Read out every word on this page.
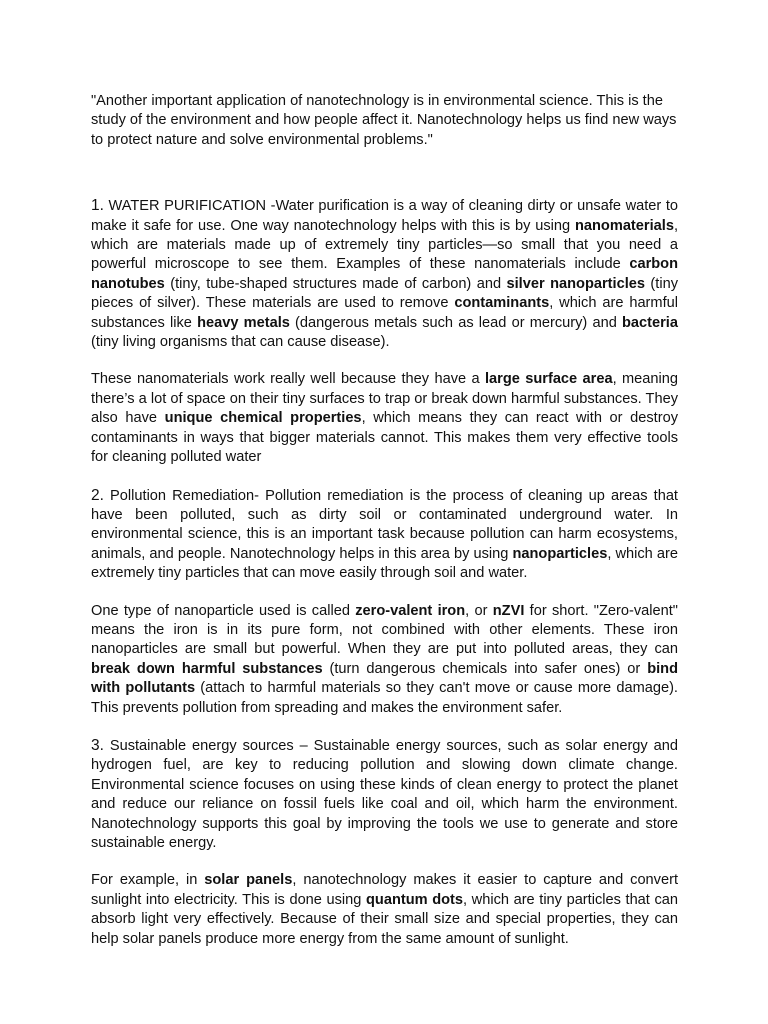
"Another important application of nanotechnology is in environmental science. This is the study of the environment and how people affect it. Nanotechnology helps us find new ways to protect nature and solve environmental problems."

1. WATER PURIFICATION -Water purification is a way of cleaning dirty or unsafe water to make it safe for use. One way nanotechnology helps with this is by using nanomaterials, which are materials made up of extremely tiny particles—so small that you need a powerful microscope to see them. Examples of these nanomaterials include carbon nanotubes (tiny, tube-shaped structures made of carbon) and silver nanoparticles (tiny pieces of silver). These materials are used to remove contaminants, which are harmful substances like heavy metals (dangerous metals such as lead or mercury) and bacteria (tiny living organisms that can cause disease).

These nanomaterials work really well because they have a large surface area, meaning there’s a lot of space on their tiny surfaces to trap or break down harmful substances. They also have unique chemical properties, which means they can react with or destroy contaminants in ways that bigger materials cannot. This makes them very effective tools for cleaning polluted water

2. Pollution Remediation- Pollution remediation is the process of cleaning up areas that have been polluted, such as dirty soil or contaminated underground water. In environmental science, this is an important task because pollution can harm ecosystems, animals, and people. Nanotechnology helps in this area by using nanoparticles, which are extremely tiny particles that can move easily through soil and water.

One type of nanoparticle used is called zero-valent iron, or nZVI for short. "Zero-valent" means the iron is in its pure form, not combined with other elements. These iron nanoparticles are small but powerful. When they are put into polluted areas, they can break down harmful substances (turn dangerous chemicals into safer ones) or bind with pollutants (attach to harmful materials so they can't move or cause more damage). This prevents pollution from spreading and makes the environment safer.

3. Sustainable energy sources – Sustainable energy sources, such as solar energy and hydrogen fuel, are key to reducing pollution and slowing down climate change. Environmental science focuses on using these kinds of clean energy to protect the planet and reduce our reliance on fossil fuels like coal and oil, which harm the environment. Nanotechnology supports this goal by improving the tools we use to generate and store sustainable energy.

For example, in solar panels, nanotechnology makes it easier to capture and convert sunlight into electricity. This is done using quantum dots, which are tiny particles that can absorb light very effectively. Because of their small size and special properties, they can help solar panels produce more energy from the same amount of sunlight.
